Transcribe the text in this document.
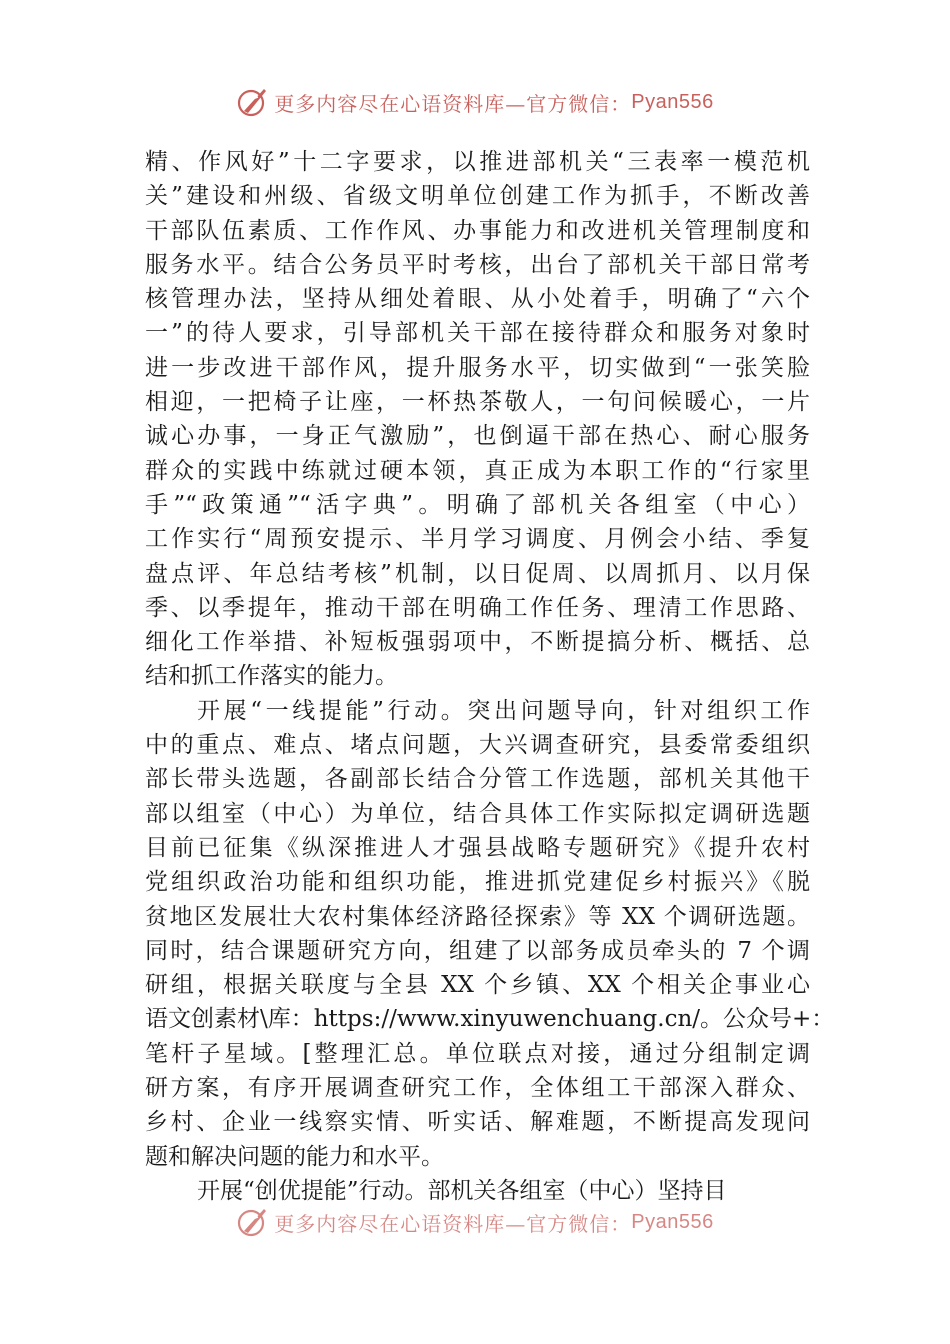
更多内容尽在心语资料库—官方微信： Pyan556
精、作风好”十二字要求，以推进部机关“三表率一模范机
关”建设和州级、省级文明单位创建工作为抓手，不断改善
干部队伍素质、工作作风、办事能力和改进机关管理制度和
服务水平。结合公务员平时考核，出台了部机关干部日常考
核管理办法，坚持从细处着眼、从小处着手，明确了“六个
一”的待人要求，引导部机关干部在接待群众和服务对象时
进一步改进干部作风，提升服务水平，切实做到“一张笑脸
相迎，一把椅子让座，一杯热茶敬人，一句问候暖心，一片
诚心办事，一身正气激励”，也倒逼干部在热心、耐心服务
群众的实践中练就过硬本领，真正成为本职工作的“行家里
手”“政策通”“活字典”。明确了部机关各组室（中心）
工作实行“周预安提示、半月学习调度、月例会小结、季复
盘点评、年总结考核”机制，以日促周、以周抓月、以月保
季、以季提年，推动干部在明确工作任务、理清工作思路、
细化工作举措、补短板强弱项中，不断提搞分析、概括、总
结和抓工作落实的能力。
开展“一线提能”行动。突出问题导向，针对组织工作
中的重点、难点、堵点问题，大兴调查研究，县委常委组织
部长带头选题，各副部长结合分管工作选题，部机关其他干
部以组室（中心）为单位，结合具体工作实际拟定调研选题
目前已征集《纵深推进人才强县战略专题研究》《提升农村
党组织政治功能和组织功能，推进抓党建促乡村振兴》《脱
贫地区发展壮大农村集体经济路径探索》等 XX 个调研选题。
同时，结合课题研究方向，组建了以部务成员牵头的 7 个调
研组，根据关联度与全县 XX 个乡镇、XX 个相关企事业心
语文创素材\库：https://www.xinyuwenchuang.cn/。公众号+：
笔杆子星域。[整理汇总。单位联点对接，通过分组制定调
研方案，有序开展调查研究工作，全体组工干部深入群众、
乡村、企业一线察实情、听实话、解难题，不断提高发现问
题和解决问题的能力和水平。
开展“创优提能”行动。部机关各组室（中心）坚持目
更多内容尽在心语资料库—官方微信： Pyan556
